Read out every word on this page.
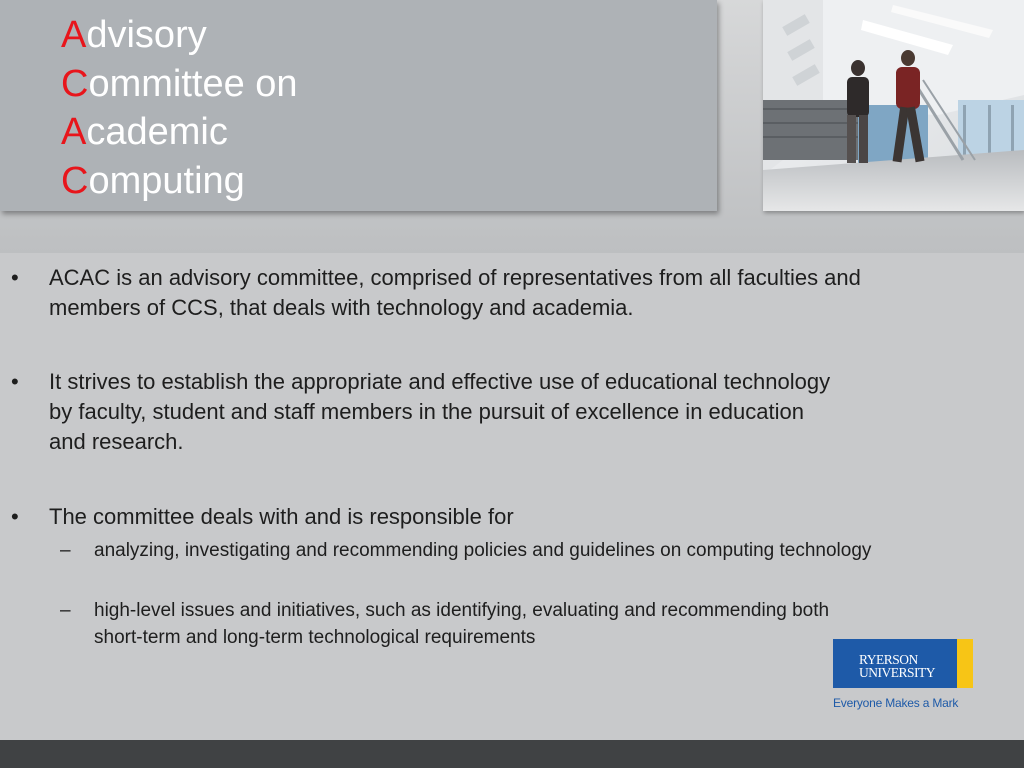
Advisory
Committee on
Academic
Computing
• ACAC is an advisory committee, comprised of representatives from all faculties and members of CCS, that deals with technology and academia.
• It strives to establish the appropriate and effective use of educational technology by faculty, student and staff members in the pursuit of excellence in education and research.
• The committee deals with and is responsible for
– analyzing, investigating and recommending policies and guidelines on computing technology
– high-level issues and initiatives, such as identifying, evaluating and recommending both short-term and long-term technological requirements
RYERSON
UNIVERSITY
Everyone Makes a Mark
